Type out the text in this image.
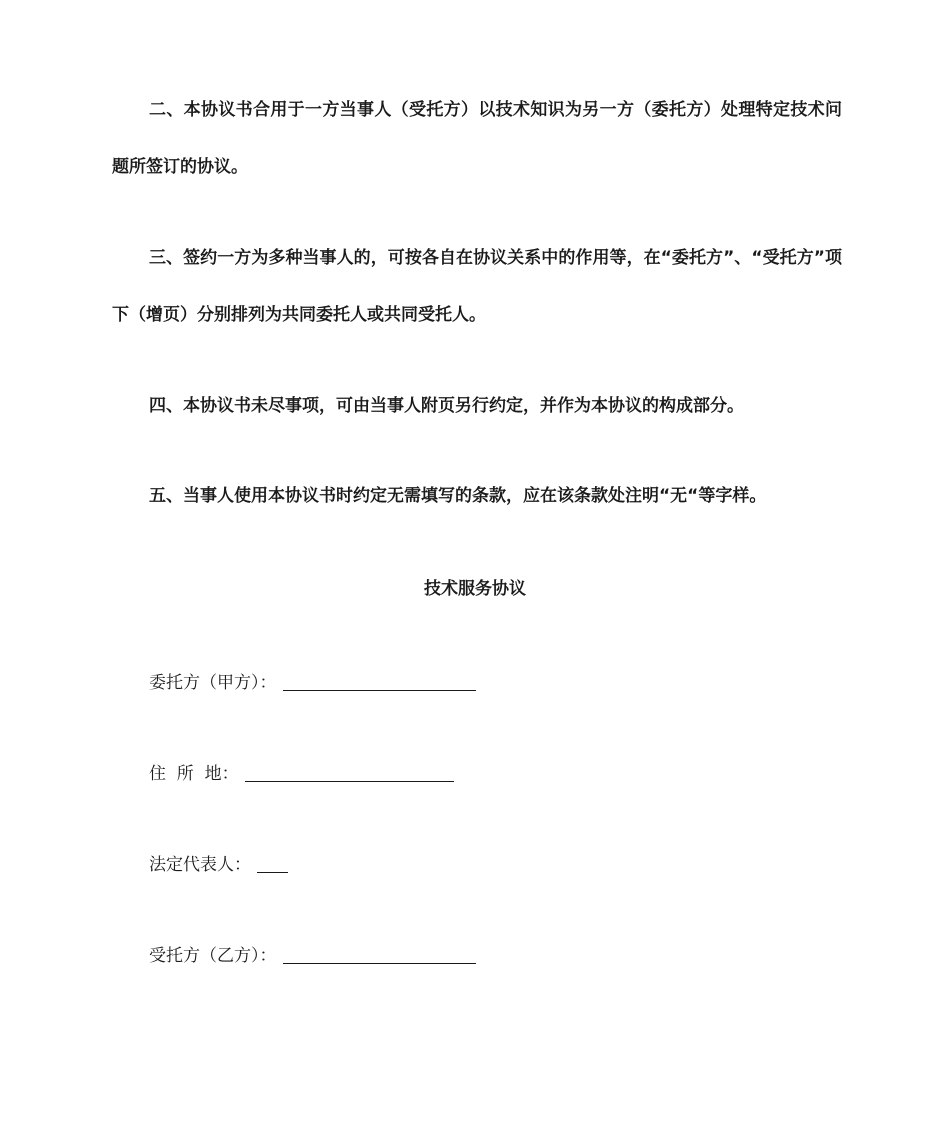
二、本协议书合用于一方当事人（受托方）以技术知识为另一方（委托方）处理特定技术问题所签订的协议。

三、签约一方为多种当事人的，可按各自在协议关系中的作用等，在“委托方”、“受托方”项下（增页）分别排列为共同委托人或共同受托人。

四、本协议书未尽事项，可由当事人附页另行约定，并作为本协议的构成部分。

五、当事人使用本协议书时约定无需填写的条款，应在该条款处注明“无“等字样。

技术服务协议
委托方（甲方）：
住  所  地：
法定代表人：
受托方（乙方）：
